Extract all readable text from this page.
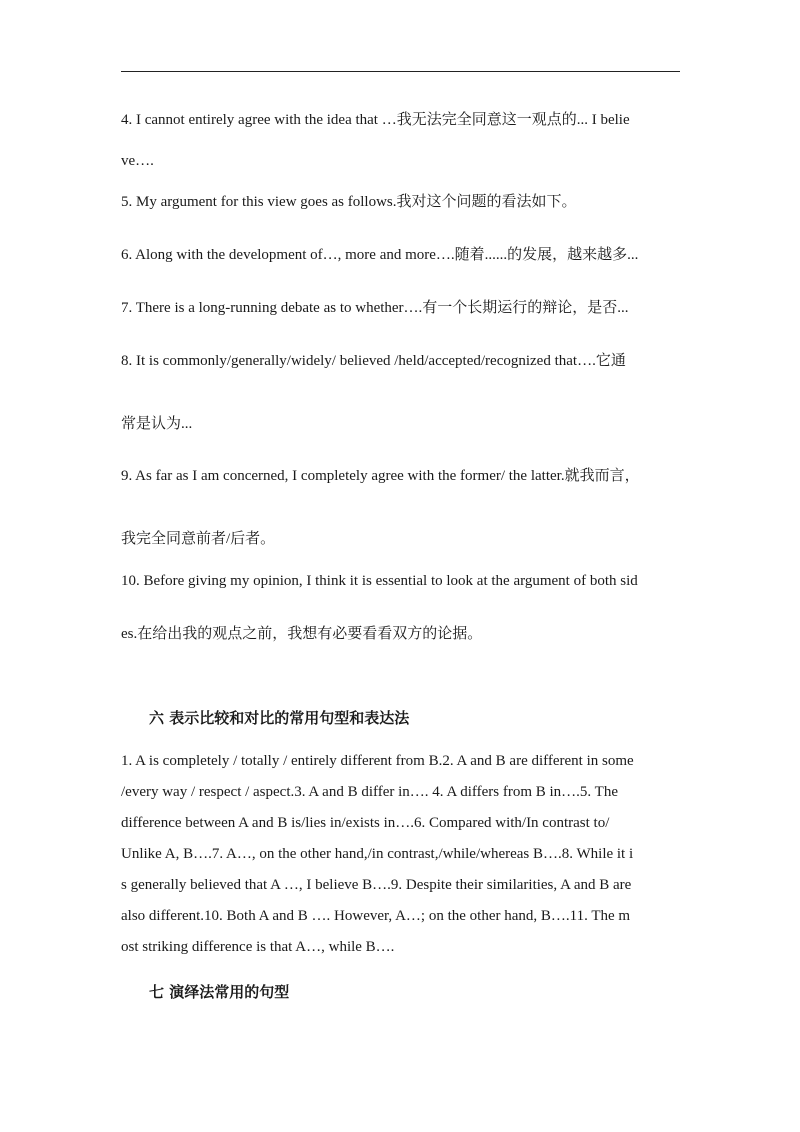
4. I cannot entirely agree with the idea that …我无法完全同意这一观点的... I belie
ve….
5. My argument for this view goes as follows.我对这个问题的看法如下。
6. Along with the development of…, more and more….随着......的发展，越来越多...
7. There is a long-running debate as to whether….有一个长期运行的辩论，是否...
8. It is commonly/generally/widely/ believed /held/accepted/recognized that….它通
常是认为...
9. As far as I am concerned, I completely agree with the former/ the latter.就我而言，
我完全同意前者/后者。
10. Before giving my opinion, I think it is essential to look at the argument of both sid
es.在给出我的观点之前，我想有必要看看双方的论据。
六 表示比较和对比的常用句型和表达法
1. A is completely / totally / entirely different from B.2. A and B are different in some
/every way / respect / aspect.3. A and B differ in…. 4. A differs from B in….5. The
difference between A and B is/lies in/exists in….6. Compared with/In contrast to/
Unlike A, B….7. A…, on the other hand,/in contrast,/while/whereas B….8. While it i
s generally believed that A …, I believe B….9. Despite their similarities, A and B are
also different.10. Both A and B …. However, A…; on the other hand, B….11. The m
ost striking difference is that A…, while B….
七 演绎法常用的句型
